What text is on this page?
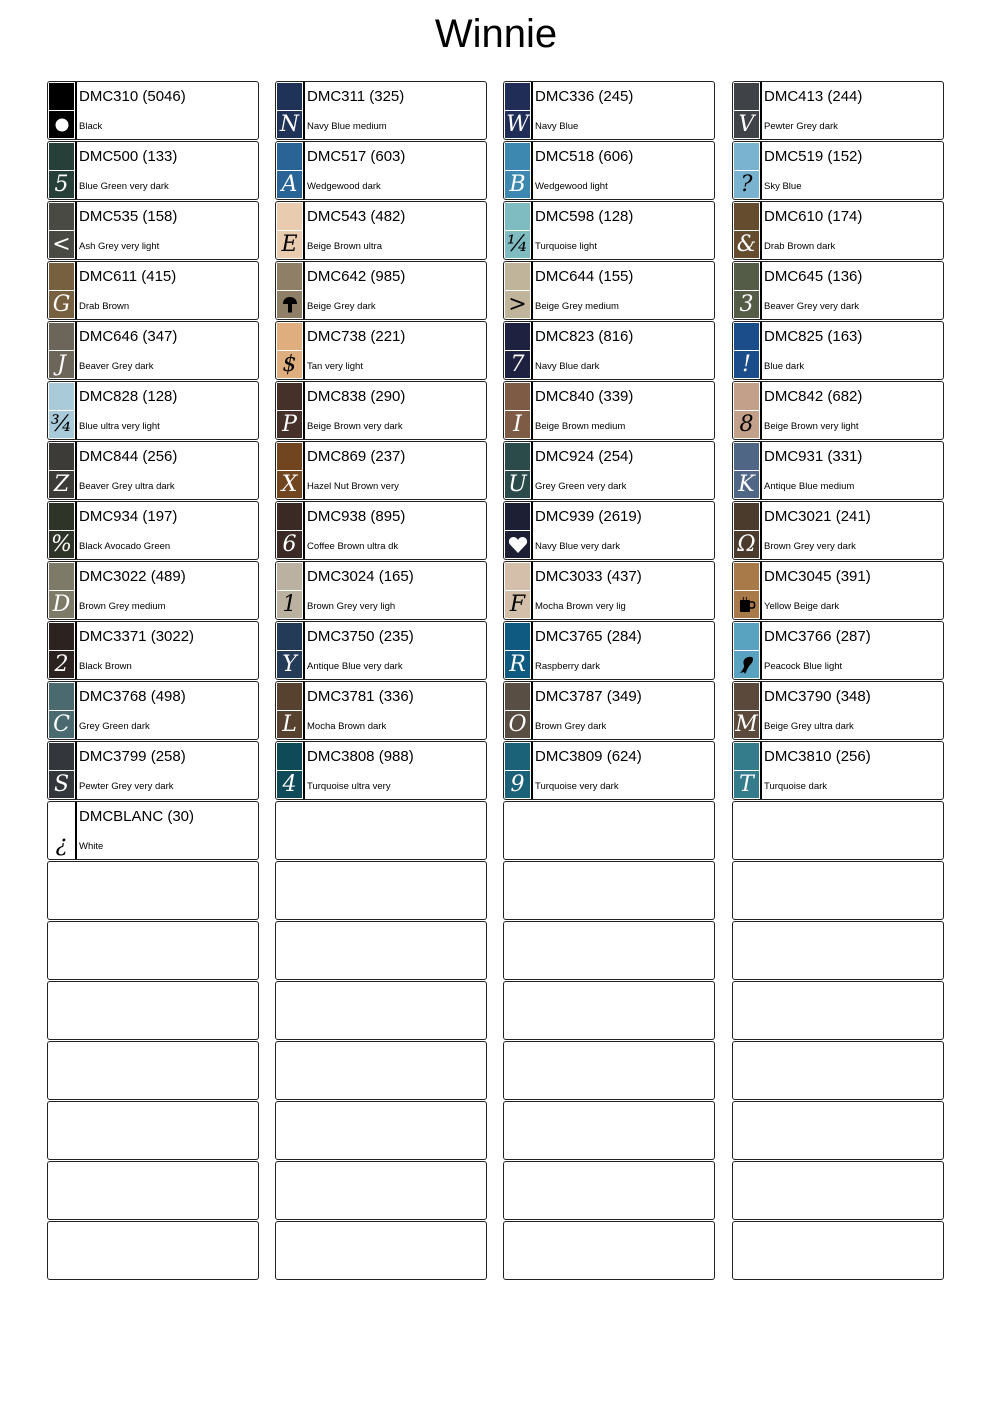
Winnie
DMC310 (5046)
Black
5
DMC500 (133)
Blue Green very dark
<
DMC535 (158)
Ash Grey very light
G
DMC611 (415)
Drab Brown
J
DMC646 (347)
Beaver Grey dark
¾
DMC828 (128)
Blue ultra very light
Z
DMC844 (256)
Beaver Grey ultra dark
%
DMC934 (197)
Black Avocado Green
D
DMC3022 (489)
Brown Grey medium
2
DMC3371 (3022)
Black Brown
C
DMC3768 (498)
Grey Green dark
S
DMC3799 (258)
Pewter Grey very dark
¿
DMCBLANC (30)
White
N
DMC311 (325)
Navy Blue medium
A
DMC517 (603)
Wedgewood dark
E
DMC543 (482)
Beige Brown ultra
DMC642 (985)
Beige Grey dark
$
DMC738 (221)
Tan very light
P
DMC838 (290)
Beige Brown very dark
X
DMC869 (237)
Hazel Nut Brown very
6
DMC938 (895)
Coffee Brown ultra dk
1
DMC3024 (165)
Brown Grey very ligh
Y
DMC3750 (235)
Antique Blue very dark
L
DMC3781 (336)
Mocha Brown dark
4
DMC3808 (988)
Turquoise ultra very
W
DMC336 (245)
Navy Blue
B
DMC518 (606)
Wedgewood light
¼
DMC598 (128)
Turquoise light
>
DMC644 (155)
Beige Grey medium
7
DMC823 (816)
Navy Blue dark
I
DMC840 (339)
Beige Brown medium
U
DMC924 (254)
Grey Green very dark
DMC939 (2619)
Navy Blue very dark
F
DMC3033 (437)
Mocha Brown very lig
R
DMC3765 (284)
Raspberry dark
O
DMC3787 (349)
Brown Grey dark
9
DMC3809 (624)
Turquoise very dark
V
DMC413 (244)
Pewter Grey dark
?
DMC519 (152)
Sky Blue
&
DMC610 (174)
Drab Brown dark
3
DMC645 (136)
Beaver Grey very dark
!
DMC825 (163)
Blue dark
8
DMC842 (682)
Beige Brown very light
K
DMC931 (331)
Antique Blue medium
Ω
DMC3021 (241)
Brown Grey very dark
DMC3045 (391)
Yellow Beige dark
DMC3766 (287)
Peacock Blue light
M
DMC3790 (348)
Beige Grey ultra dark
T
DMC3810 (256)
Turquoise dark
